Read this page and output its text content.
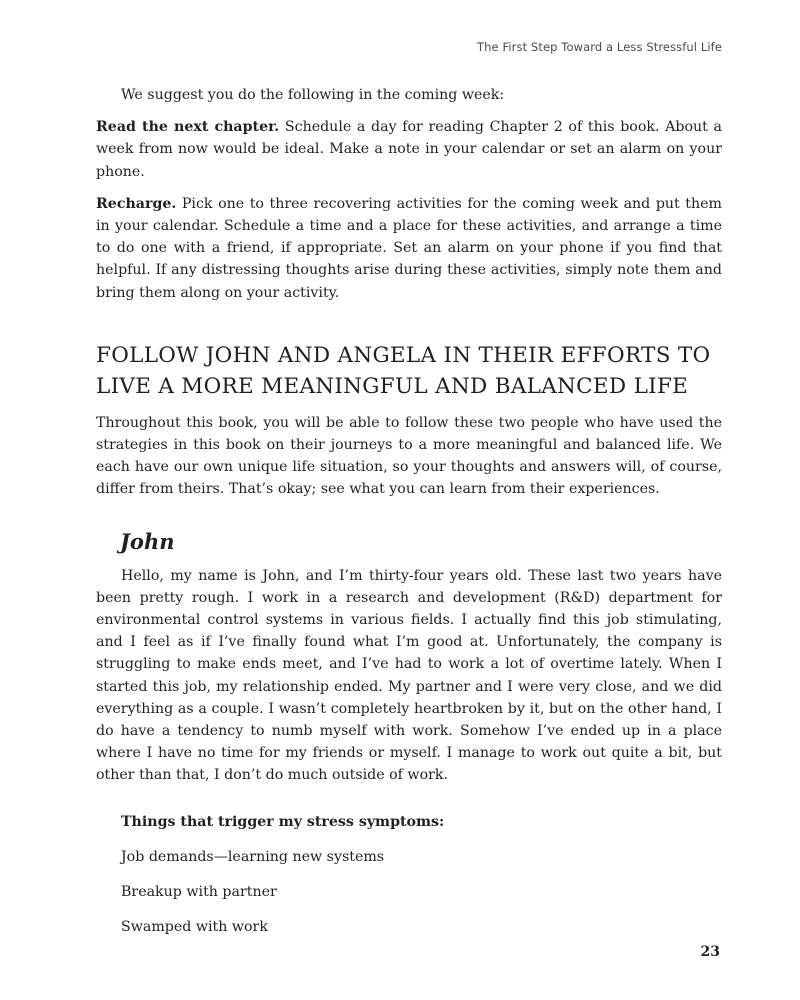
The First Step Toward a Less Stressful Life

We suggest you do the following in the coming week:

Read the next chapter. Schedule a day for reading Chapter 2 of this book. About a week from now would be ideal. Make a note in your calendar or set an alarm on your phone.

Recharge. Pick one to three recovering activities for the coming week and put them in your calendar. Schedule a time and a place for these activities, and arrange a time to do one with a friend, if appropriate. Set an alarm on your phone if you find that helpful. If any distressing thoughts arise during these activities, simply note them and bring them along on your activity.

FOLLOW JOHN AND ANGELA IN THEIR EFFORTS TO
LIVE A MORE MEANINGFUL AND BALANCED LIFE

Throughout this book, you will be able to follow these two people who have used the strategies in this book on their journeys to a more meaningful and balanced life. We each have our own unique life situation, so your thoughts and answers will, of course, differ from theirs. That’s okay; see what you can learn from their experiences.

John

Hello, my name is John, and I’m thirty-four years old. These last two years have been pretty rough. I work in a research and development (R&D) department for environmental control systems in various fields. I actually find this job stimulating, and I feel as if I’ve finally found what I’m good at. Unfortunately, the company is struggling to make ends meet, and I’ve had to work a lot of overtime lately. When I started this job, my relationship ended. My partner and I were very close, and we did everything as a couple. I wasn’t completely heartbroken by it, but on the other hand, I do have a tendency to numb myself with work. Somehow I’ve ended up in a place where I have no time for my friends or myself. I manage to work out quite a bit, but other than that, I don’t do much outside of work.

Things that trigger my stress symptoms:
Job demands—learning new systems
Breakup with partner
Swamped with work
23
